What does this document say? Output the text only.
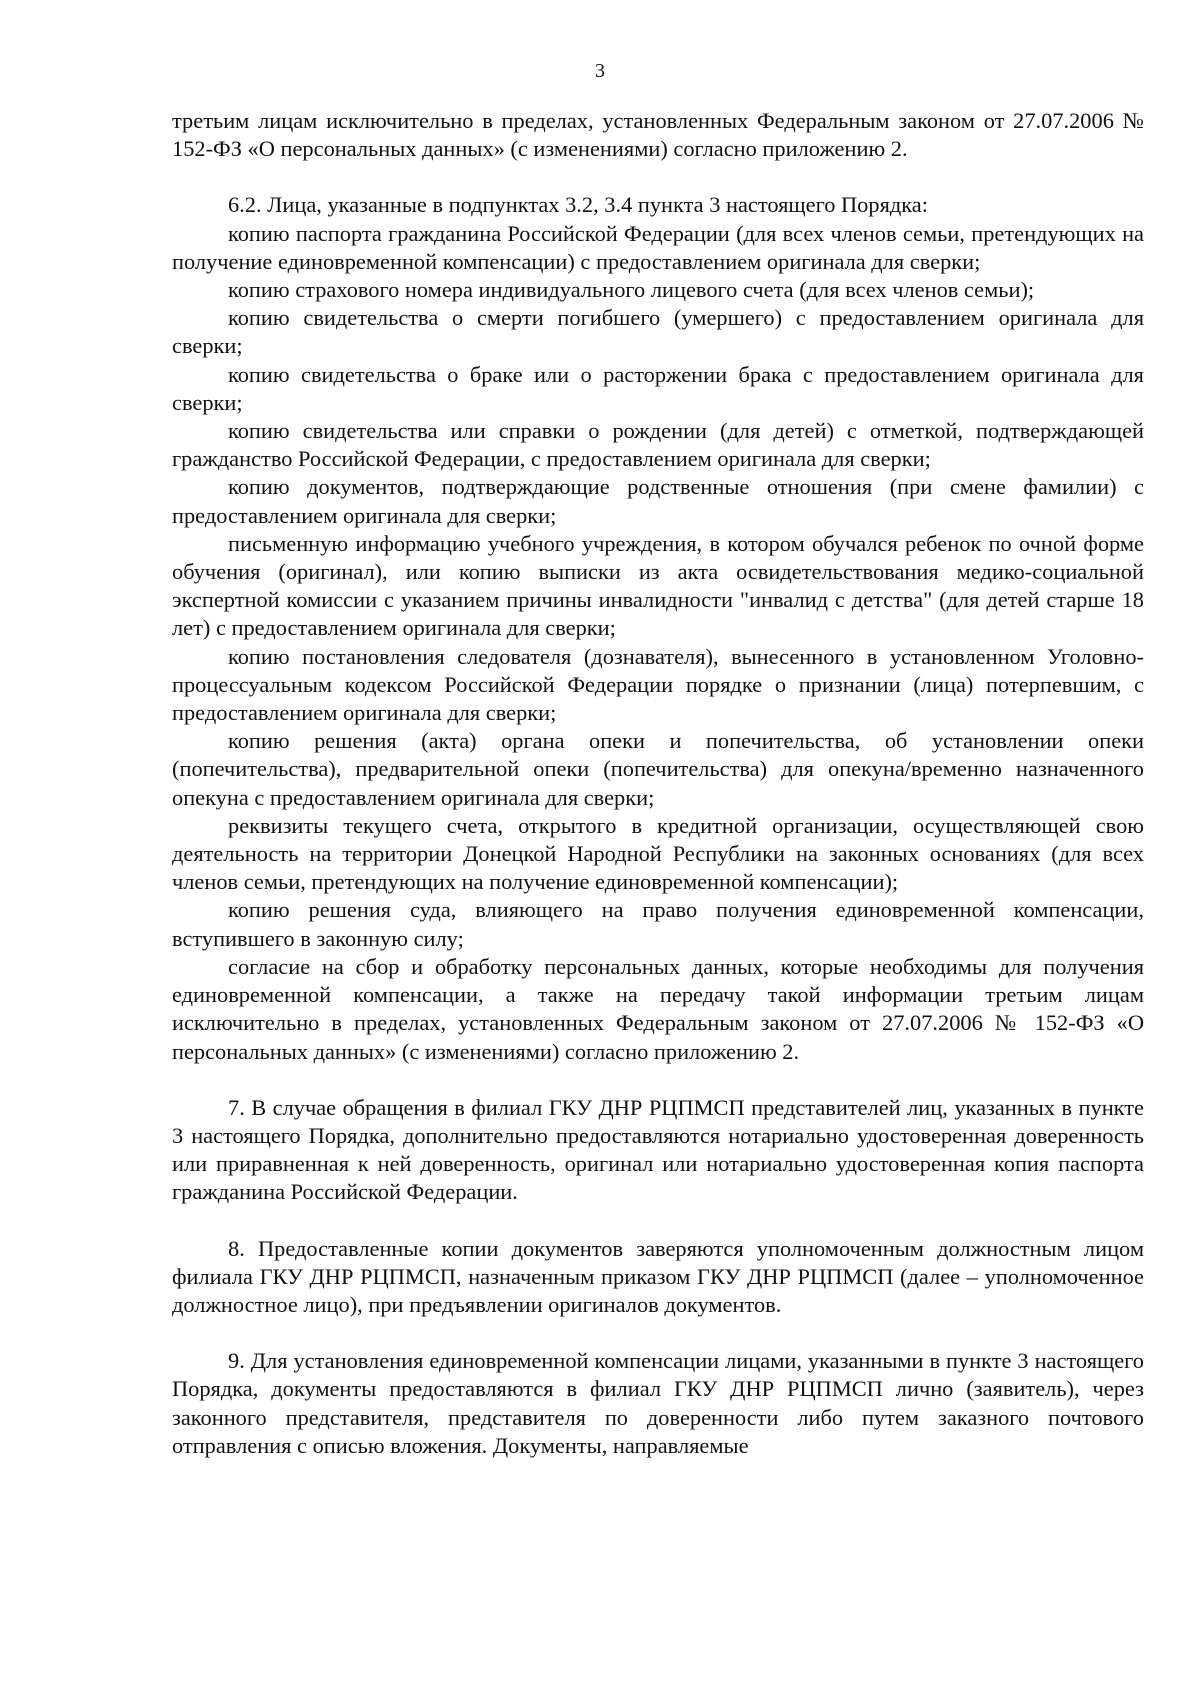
3

третьим лицам исключительно в пределах, установленных Федеральным законом от 27.07.2006 № 152-ФЗ «О персональных данных» (с изменениями) согласно приложению 2.

6.2. Лица, указанные в подпунктах 3.2, 3.4 пункта 3 настоящего Порядка:

копию паспорта гражданина Российской Федерации (для всех членов семьи, претендующих на получение единовременной компенсации) с предоставлением оригинала для сверки;

копию страхового номера индивидуального лицевого счета (для всех членов семьи);

копию свидетельства о смерти погибшего (умершего) с предоставлением оригинала для сверки;

копию свидетельства о браке или о расторжении брака с предоставлением оригинала для сверки;

копию свидетельства или справки о рождении (для детей) с отметкой, подтверждающей гражданство Российской Федерации, с предоставлением оригинала для сверки;

копию документов, подтверждающие родственные отношения (при смене фамилии) с предоставлением оригинала для сверки;

письменную информацию учебного учреждения, в котором обучался ребенок по очной форме обучения (оригинал), или копию выписки из акта освидетельствования медико-социальной экспертной комиссии с указанием причины инвалидности "инвалид с детства" (для детей старше 18 лет) с предоставлением оригинала для сверки;

копию постановления следователя (дознавателя), вынесенного в установленном Уголовно-процессуальным кодексом Российской Федерации порядке о признании (лица) потерпевшим, с предоставлением оригинала для сверки;

копию решения (акта) органа опеки и попечительства, об установлении опеки (попечительства), предварительной опеки (попечительства) для опекуна/временно назначенного опекуна с предоставлением оригинала для сверки;

реквизиты текущего счета, открытого в кредитной организации, осуществляющей свою деятельность на территории Донецкой Народной Республики на законных основаниях (для всех членов семьи, претендующих на получение единовременной компенсации);

копию решения суда, влияющего на право получения единовременной компенсации, вступившего в законную силу;

согласие на сбор и обработку персональных данных, которые необходимы для получения единовременной компенсации, а также на передачу такой информации третьим лицам исключительно в пределах, установленных Федеральным законом от 27.07.2006 № 152-ФЗ «О персональных данных» (с изменениями) согласно приложению 2.

7. В случае обращения в филиал ГКУ ДНР РЦПМСП представителей лиц, указанных в пункте 3 настоящего Порядка, дополнительно предоставляются нотариально удостоверенная доверенность или приравненная к ней доверенность, оригинал или нотариально удостоверенная копия паспорта гражданина Российской Федерации.

8. Предоставленные копии документов заверяются уполномоченным должностным лицом филиала ГКУ ДНР РЦПМСП, назначенным приказом ГКУ ДНР РЦПМСП (далее – уполномоченное должностное лицо), при предъявлении оригиналов документов.

9. Для установления единовременной компенсации лицами, указанными в пункте 3 настоящего Порядка, документы предоставляются в филиал ГКУ ДНР РЦПМСП лично (заявитель), через законного представителя, представителя по доверенности либо путем заказного почтового отправления с описью вложения. Документы, направляемые
